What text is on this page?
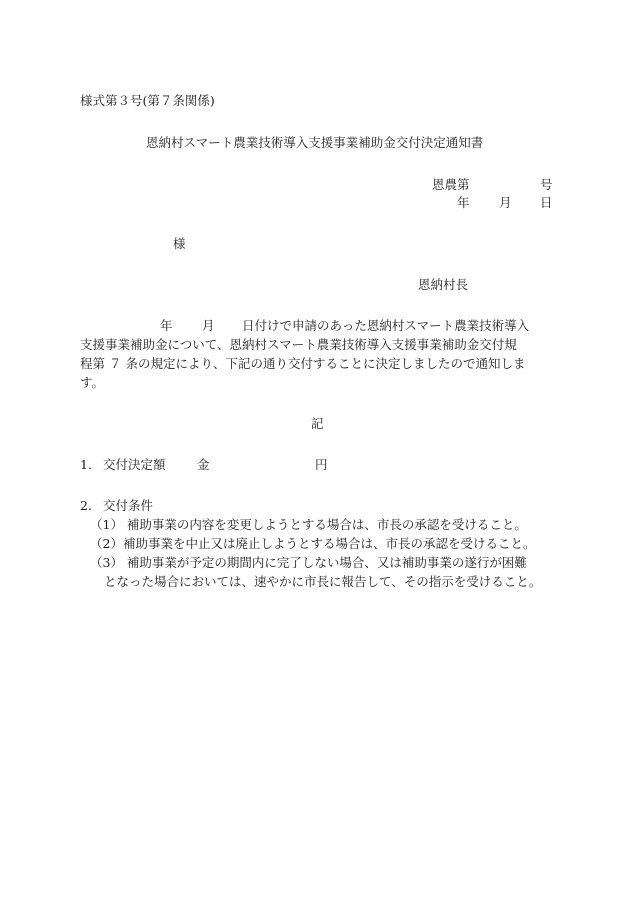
様式第３号(第７条関係)
恩納村スマート農業技術導入支援事業補助金交付決定通知書
恩農第	号
年 月 日
様
恩納村長
年 月 日付けで申請のあった恩納村スマート農業技術導入
支援事業補助金について、恩納村スマート農業技術導入支援事業補助金交付規
程第 ７ 条の規定により、下記の通り交付することに決定しましたので通知しま
す。
記
1. 交付決定額	金	円
2. 交付条件
（1） 補助事業の内容を変更しようとする場合は、市長の承認を受けること。
（2）補助事業を中止又は廃止しようとする場合は、市長の承認を受けること。
（3） 補助事業が予定の期間内に完了しない場合、又は補助事業の遂行が困難
となった場合においては、速やかに市長に報告して、その指示を受けること。
